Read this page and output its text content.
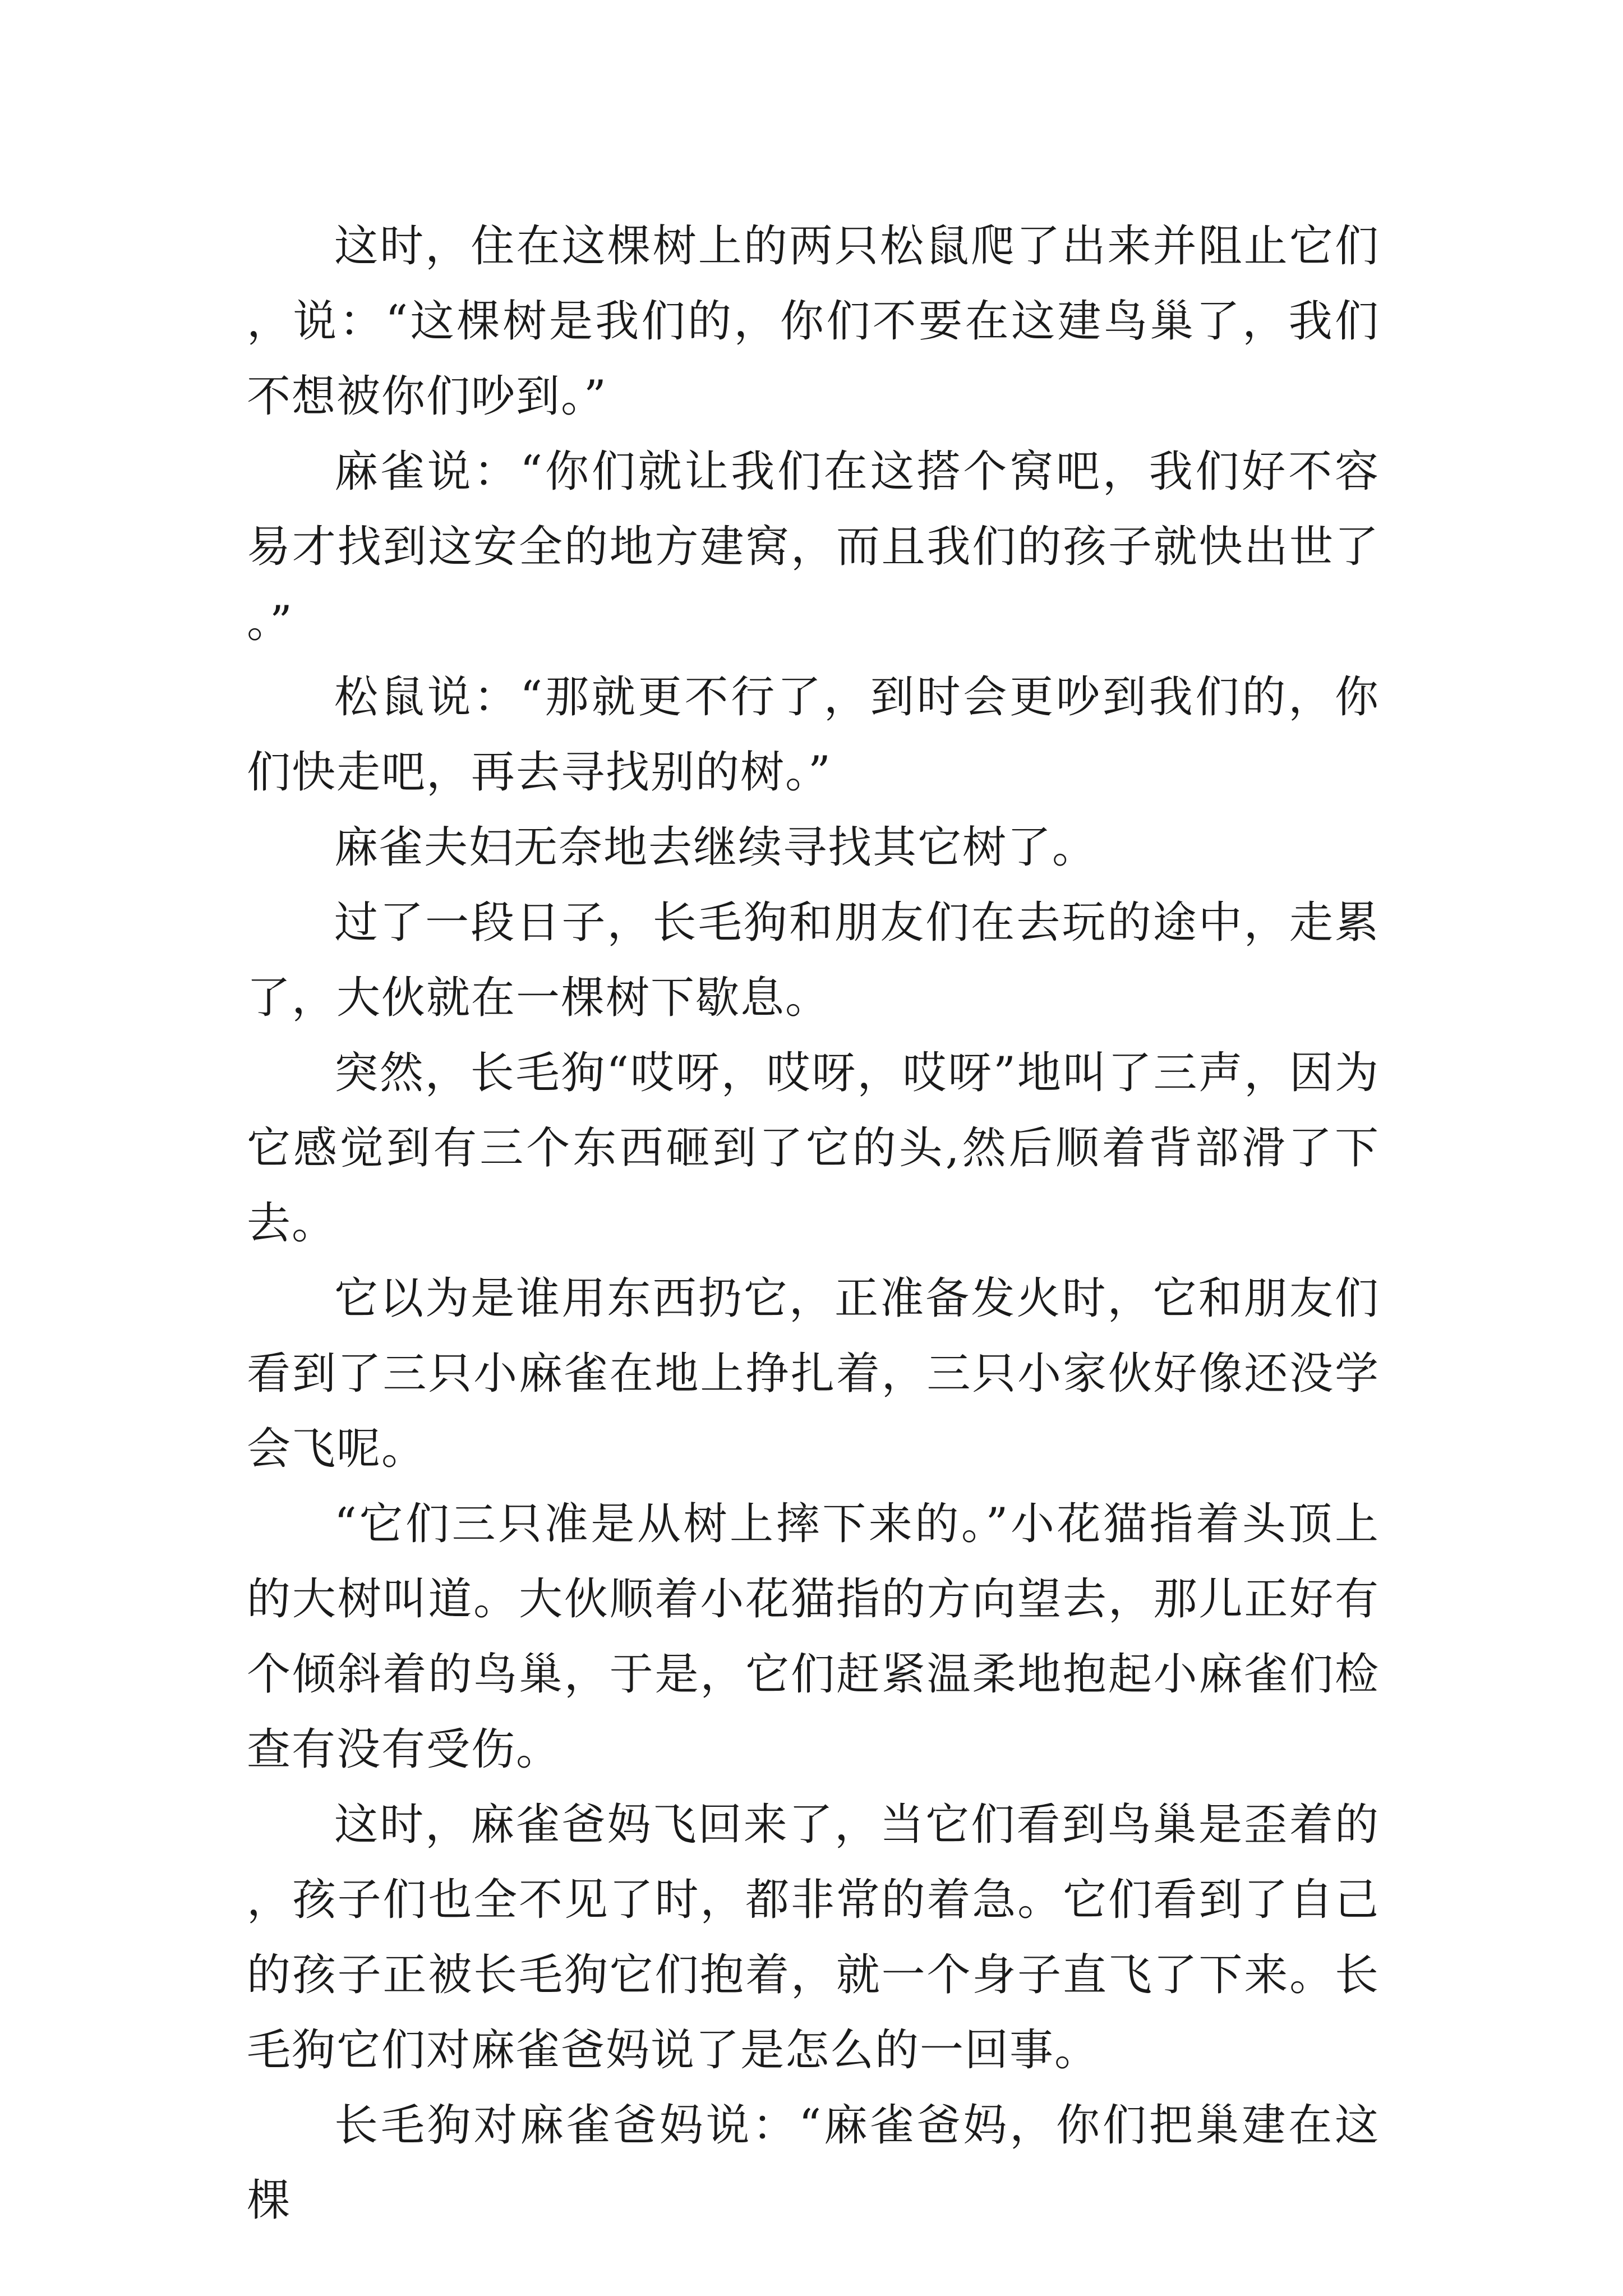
这时，住在这棵树上的两只松鼠爬了出来并阻止它们，说：“这棵树是我们的，你们不要在这建鸟巢了，我们不想被你们吵到。”

麻雀说：“你们就让我们在这搭个窝吧，我们好不容易才找到这安全的地方建窝，而且我们的孩子就快出世了。”

松鼠说：“那就更不行了，到时会更吵到我们的，你们快走吧，再去寻找别的树。”

麻雀夫妇无奈地去继续寻找其它树了。

过了一段日子，长毛狗和朋友们在去玩的途中，走累了，大伙就在一棵树下歇息。

突然，长毛狗“哎呀，哎呀，哎呀”地叫了三声，因为它感觉到有三个东西砸到了它的头,然后顺着背部滑了下去。

它以为是谁用东西扔它，正准备发火时，它和朋友们看到了三只小麻雀在地上挣扎着，三只小家伙好像还没学会飞呢。

“它们三只准是从树上摔下来的。”小花猫指着头顶上的大树叫道。大伙顺着小花猫指的方向望去，那儿正好有个倾斜着的鸟巢，于是，它们赶紧温柔地抱起小麻雀们检查有没有受伤。

这时，麻雀爸妈飞回来了，当它们看到鸟巢是歪着的，孩子们也全不见了时，都非常的着急。它们看到了自己的孩子正被长毛狗它们抱着，就一个身子直飞了下来。长毛狗它们对麻雀爸妈说了是怎么的一回事。

长毛狗对麻雀爸妈说：“麻雀爸妈，你们把巢建在这棵
